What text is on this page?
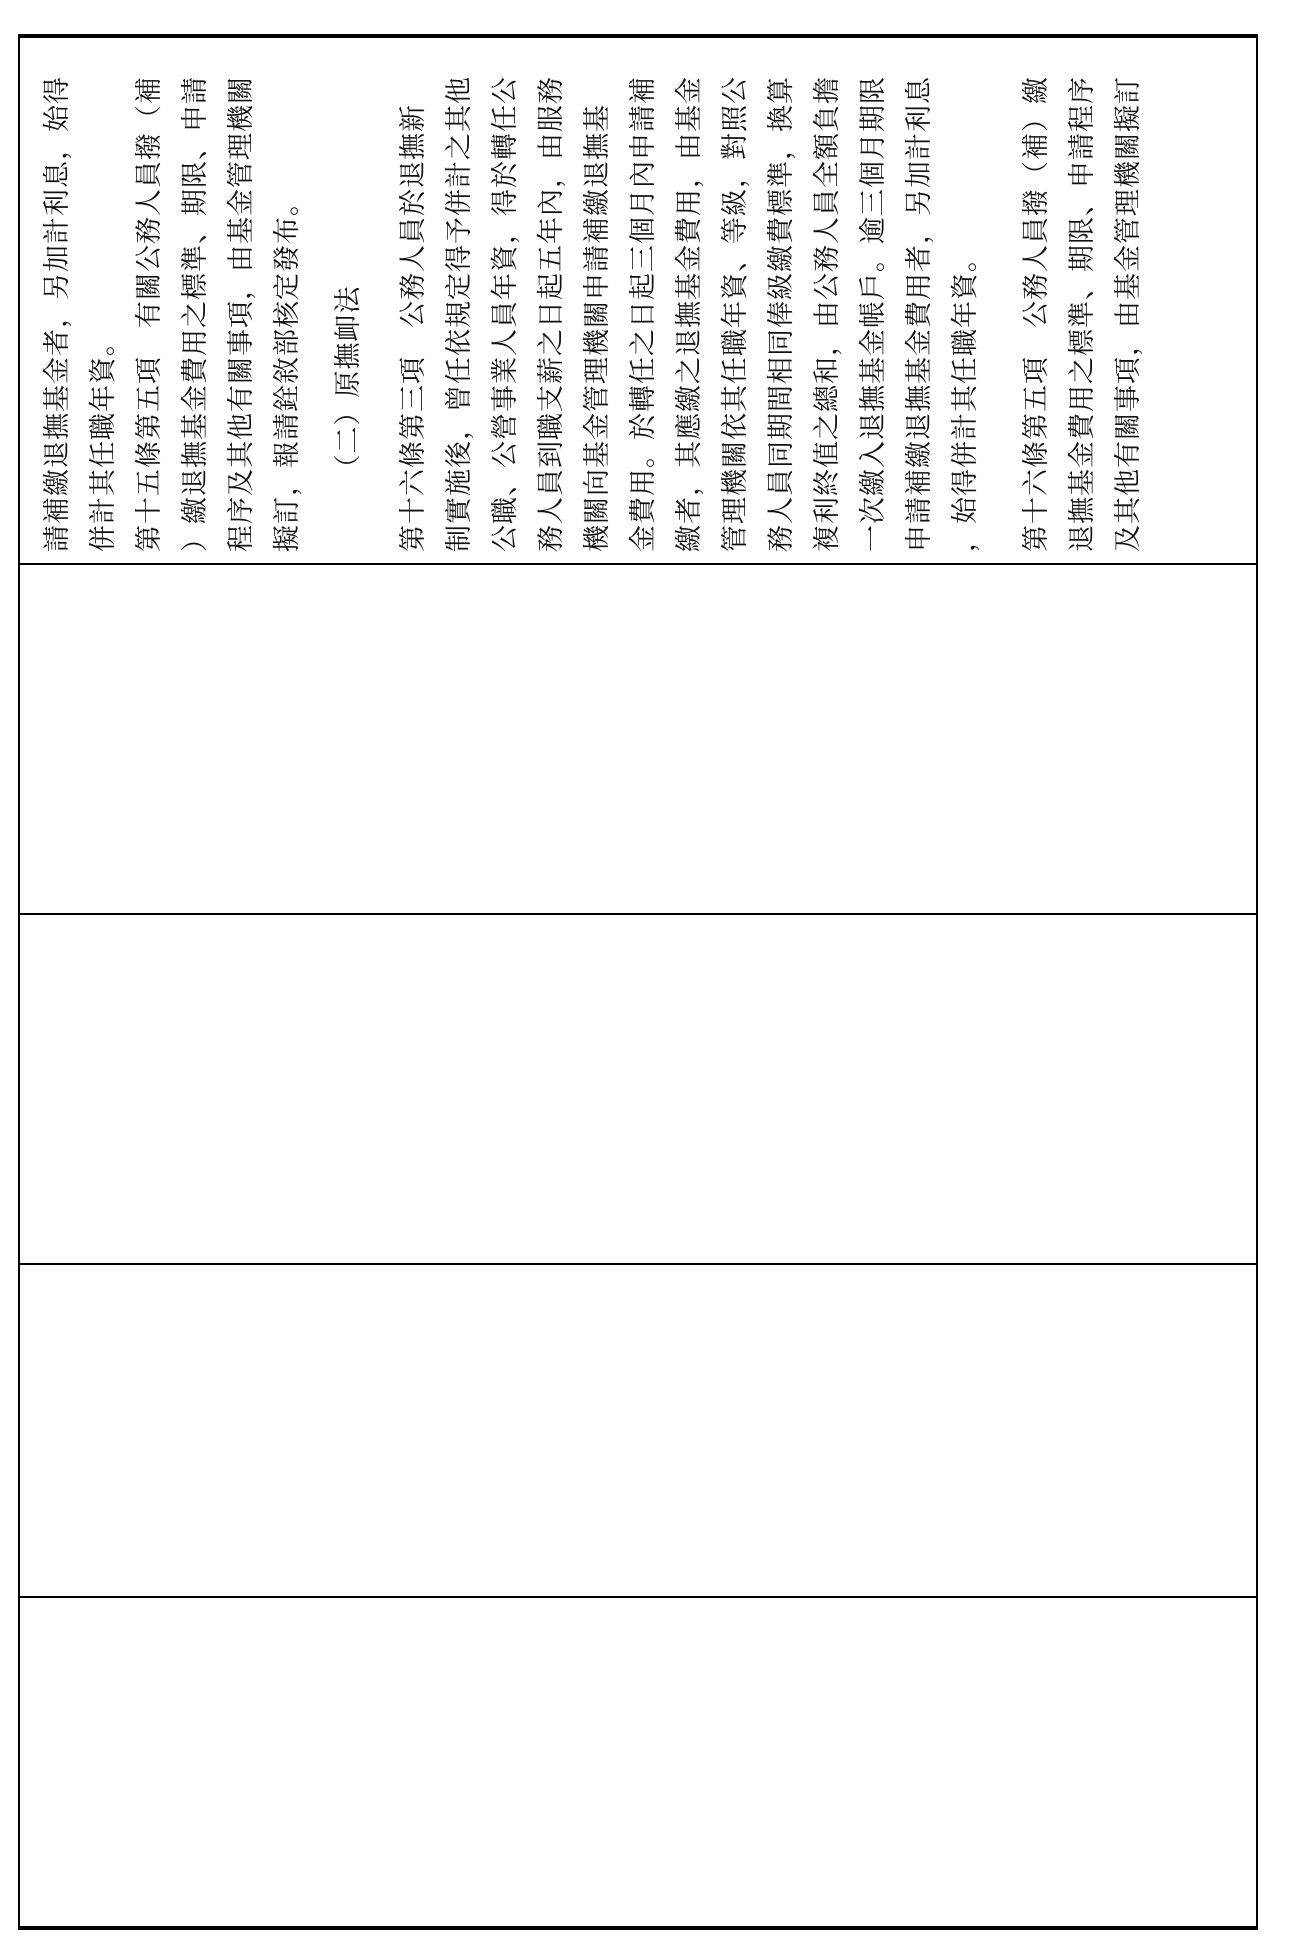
請補繳退撫基金者，另加計利息，始得 併計其任職年資。 第十五條第五項　有關公務人員撥（補 ）繳退撫基金費用之標準、期限、申請 程序及其他有關事項，由基金管理機關 擬訂，報請銓敘部核定發布。 　　　（二）原撫卹法 第十六條第三項　公務人員於退撫新 制實施後，曾任依規定得予併計之其他 公職、公營事業人員年資，得於轉任公 務人員到職支薪之日起五年內，由服務 機關向基金管理機關申請補繳退撫基 金費用。於轉任之日起三個月內申請補 繳者，其應繳之退撫基金費用，由基金 管理機關依其任職年資、等級，對照公 務人員同期間相同俸級繳費標準，換算 複利終值之總和，由公務人員全額負擔 一次繳入退撫基金帳戶。逾三個月期限 申請補繳退撫基金費用者，另加計利息 ，始得併計其任職年資。 第十六條第五項　公務人員撥（補）繳 退撫基金費用之標準、期限、申請程序 及其他有關事項，由基金管理機關擬訂
